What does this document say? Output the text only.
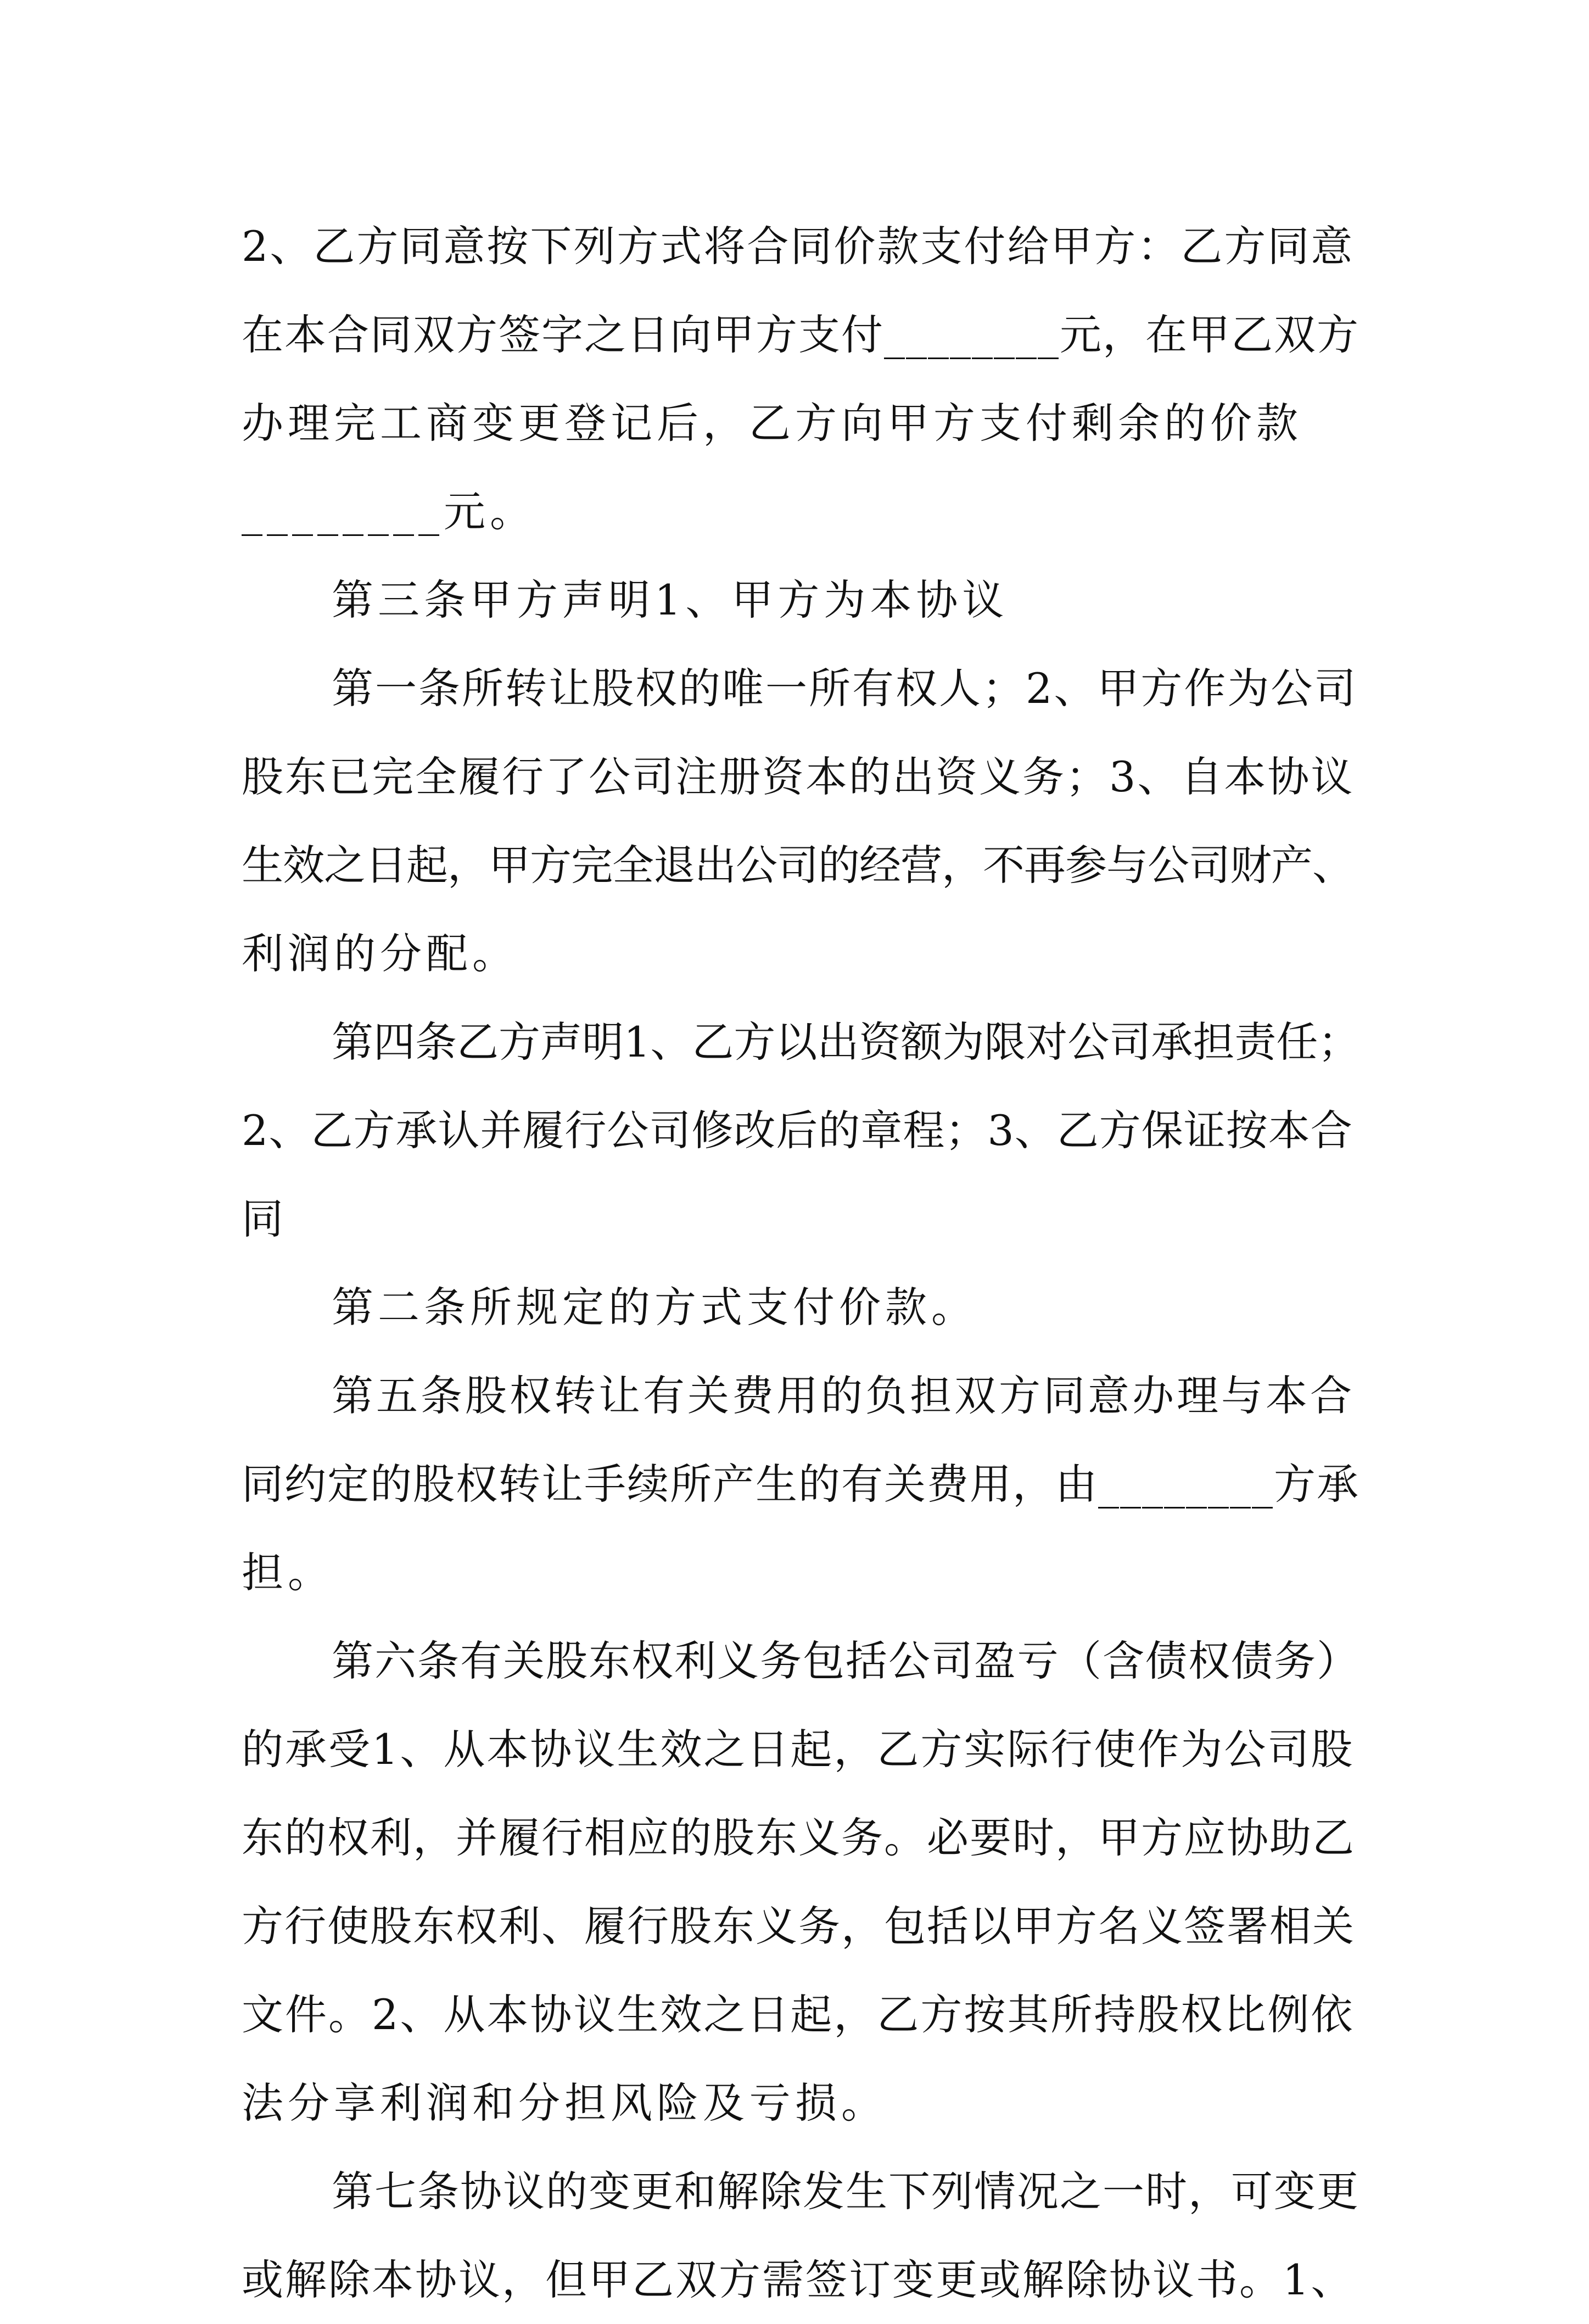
2、乙方同意按下列方式将合同价款支付给甲方：乙方同意
在本合同双方签字之日向甲方支付________元，在甲乙双方
办理完工商变更登记后，乙方向甲方支付剩余的价款
________元。
第三条甲方声明1、甲方为本协议
第一条所转让股权的唯一所有权人；2、甲方作为公司
股东已完全履行了公司注册资本的出资义务；3、自本协议
生效之日起，甲方完全退出公司的经营，不再参与公司财产、
利润的分配。
第四条乙方声明1、乙方以出资额为限对公司承担责任；
2、乙方承认并履行公司修改后的章程；3、乙方保证按本合
同
第二条所规定的方式支付价款。
第五条股权转让有关费用的负担双方同意办理与本合
同约定的股权转让手续所产生的有关费用，由________方承
担。
第六条有关股东权利义务包括公司盈亏（含债权债务）
的承受1、从本协议生效之日起，乙方实际行使作为公司股
东的权利，并履行相应的股东义务。必要时，甲方应协助乙
方行使股东权利、履行股东义务，包括以甲方名义签署相关
文件。2、从本协议生效之日起，乙方按其所持股权比例依
法分享利润和分担风险及亏损。
第七条协议的变更和解除发生下列情况之一时，可变更
或解除本协议，但甲乙双方需签订变更或解除协议书。1、
